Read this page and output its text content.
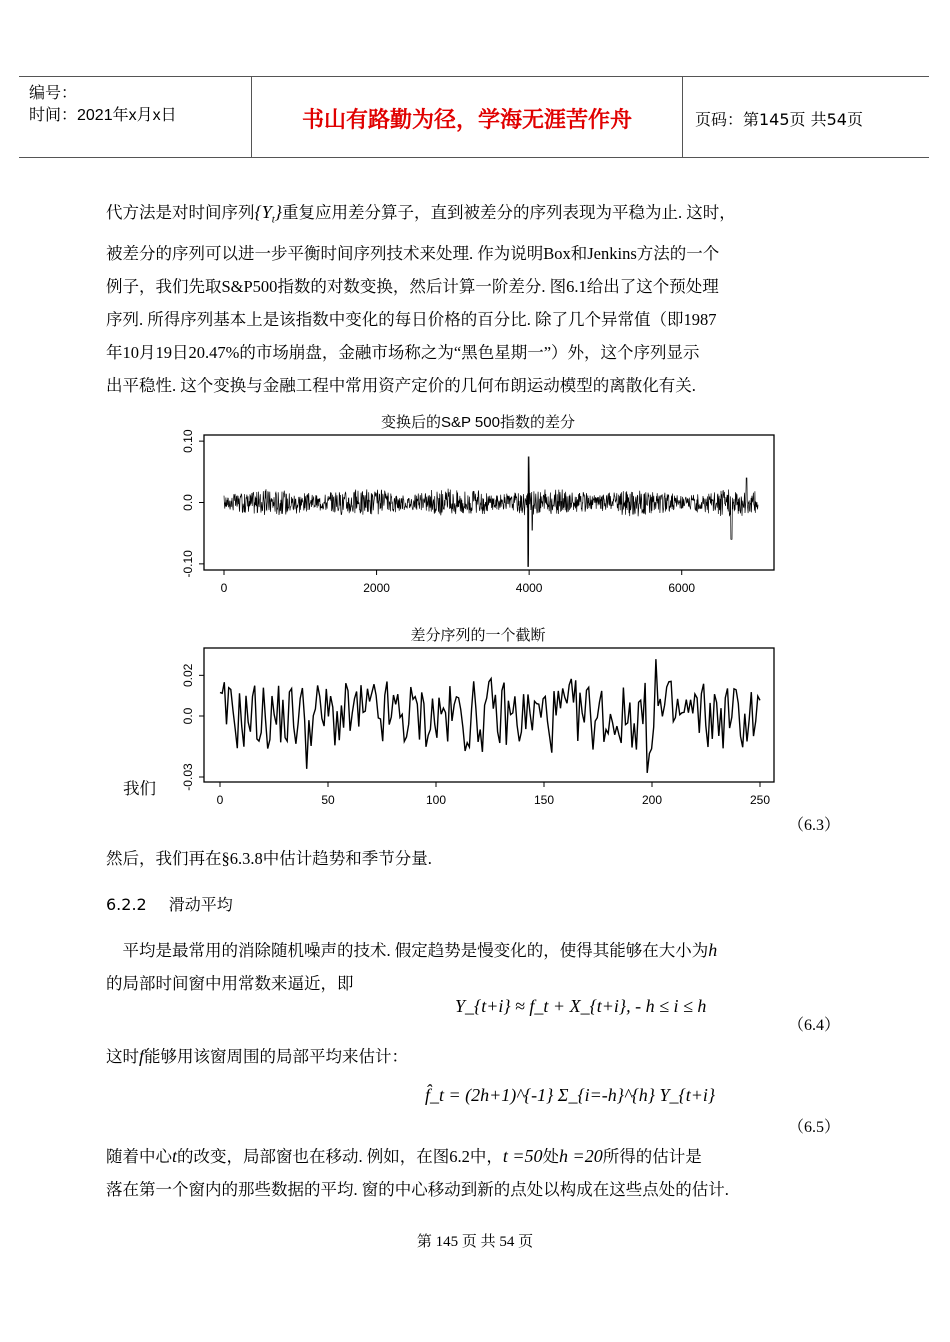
编号：
时间：2021年x月x日	书山有路勤为径，学海无涯苦作舟	页码：第145页 共54页
代方法是对时间序列$\{Y_t\}$重复应用差分算子，直到被差分的序列表现为平稳为止. 这时，
被差分的序列可以进一步平衡时间序列技术来处理. 作为说明Box和Jenkins方法的一个
例子，我们先取S&P500指数的对数变换，然后计算一阶差分. 图6.1给出了这个预处理
序列. 所得序列基本上是该指数中变化的每日价格的百分比. 除了几个异常值（即1987
年10月19日20.47%的市场崩盘，金融市场称之为“黑色星期一”）外，这个序列显示
出平稳性. 这个变换与金融工程中常用资产定价的几何布朗运动模型的离散化有关.
变换后的S&P 500指数的差分
0	2000	4000	6000
-0.10
0.0
0.10
差分序列的一个截断
0	50	100	150	200	250
-0.03
0.0
0.02
我们
（6.3）
然后，我们再在§6.3.8中估计趋势和季节分量.
6.2.2 滑动平均
　平均是最常用的消除随机噪声的技术. 假定趋势是慢变化的，使得其能够在大小为h
的局部时间窗中用常数来逼近，即
Y_{t+i} ≈ f_t + X_{t+i}, - h ≤ i ≤ h
（6.4）
这时f能够用该窗周围的局部平均来估计：
f̂_t = (2h+1)^{-1} Σ_{i=-h}^{h} Y_{t+i}
（6.5）
随着中心t的改变，局部窗也在移动. 例如，在图6.2中，t =50处h =20所得的估计是
落在第一个窗内的那些数据的平均. 窗的中心移动到新的点处以构成在这些点处的估计.
第 145 页 共 54 页
